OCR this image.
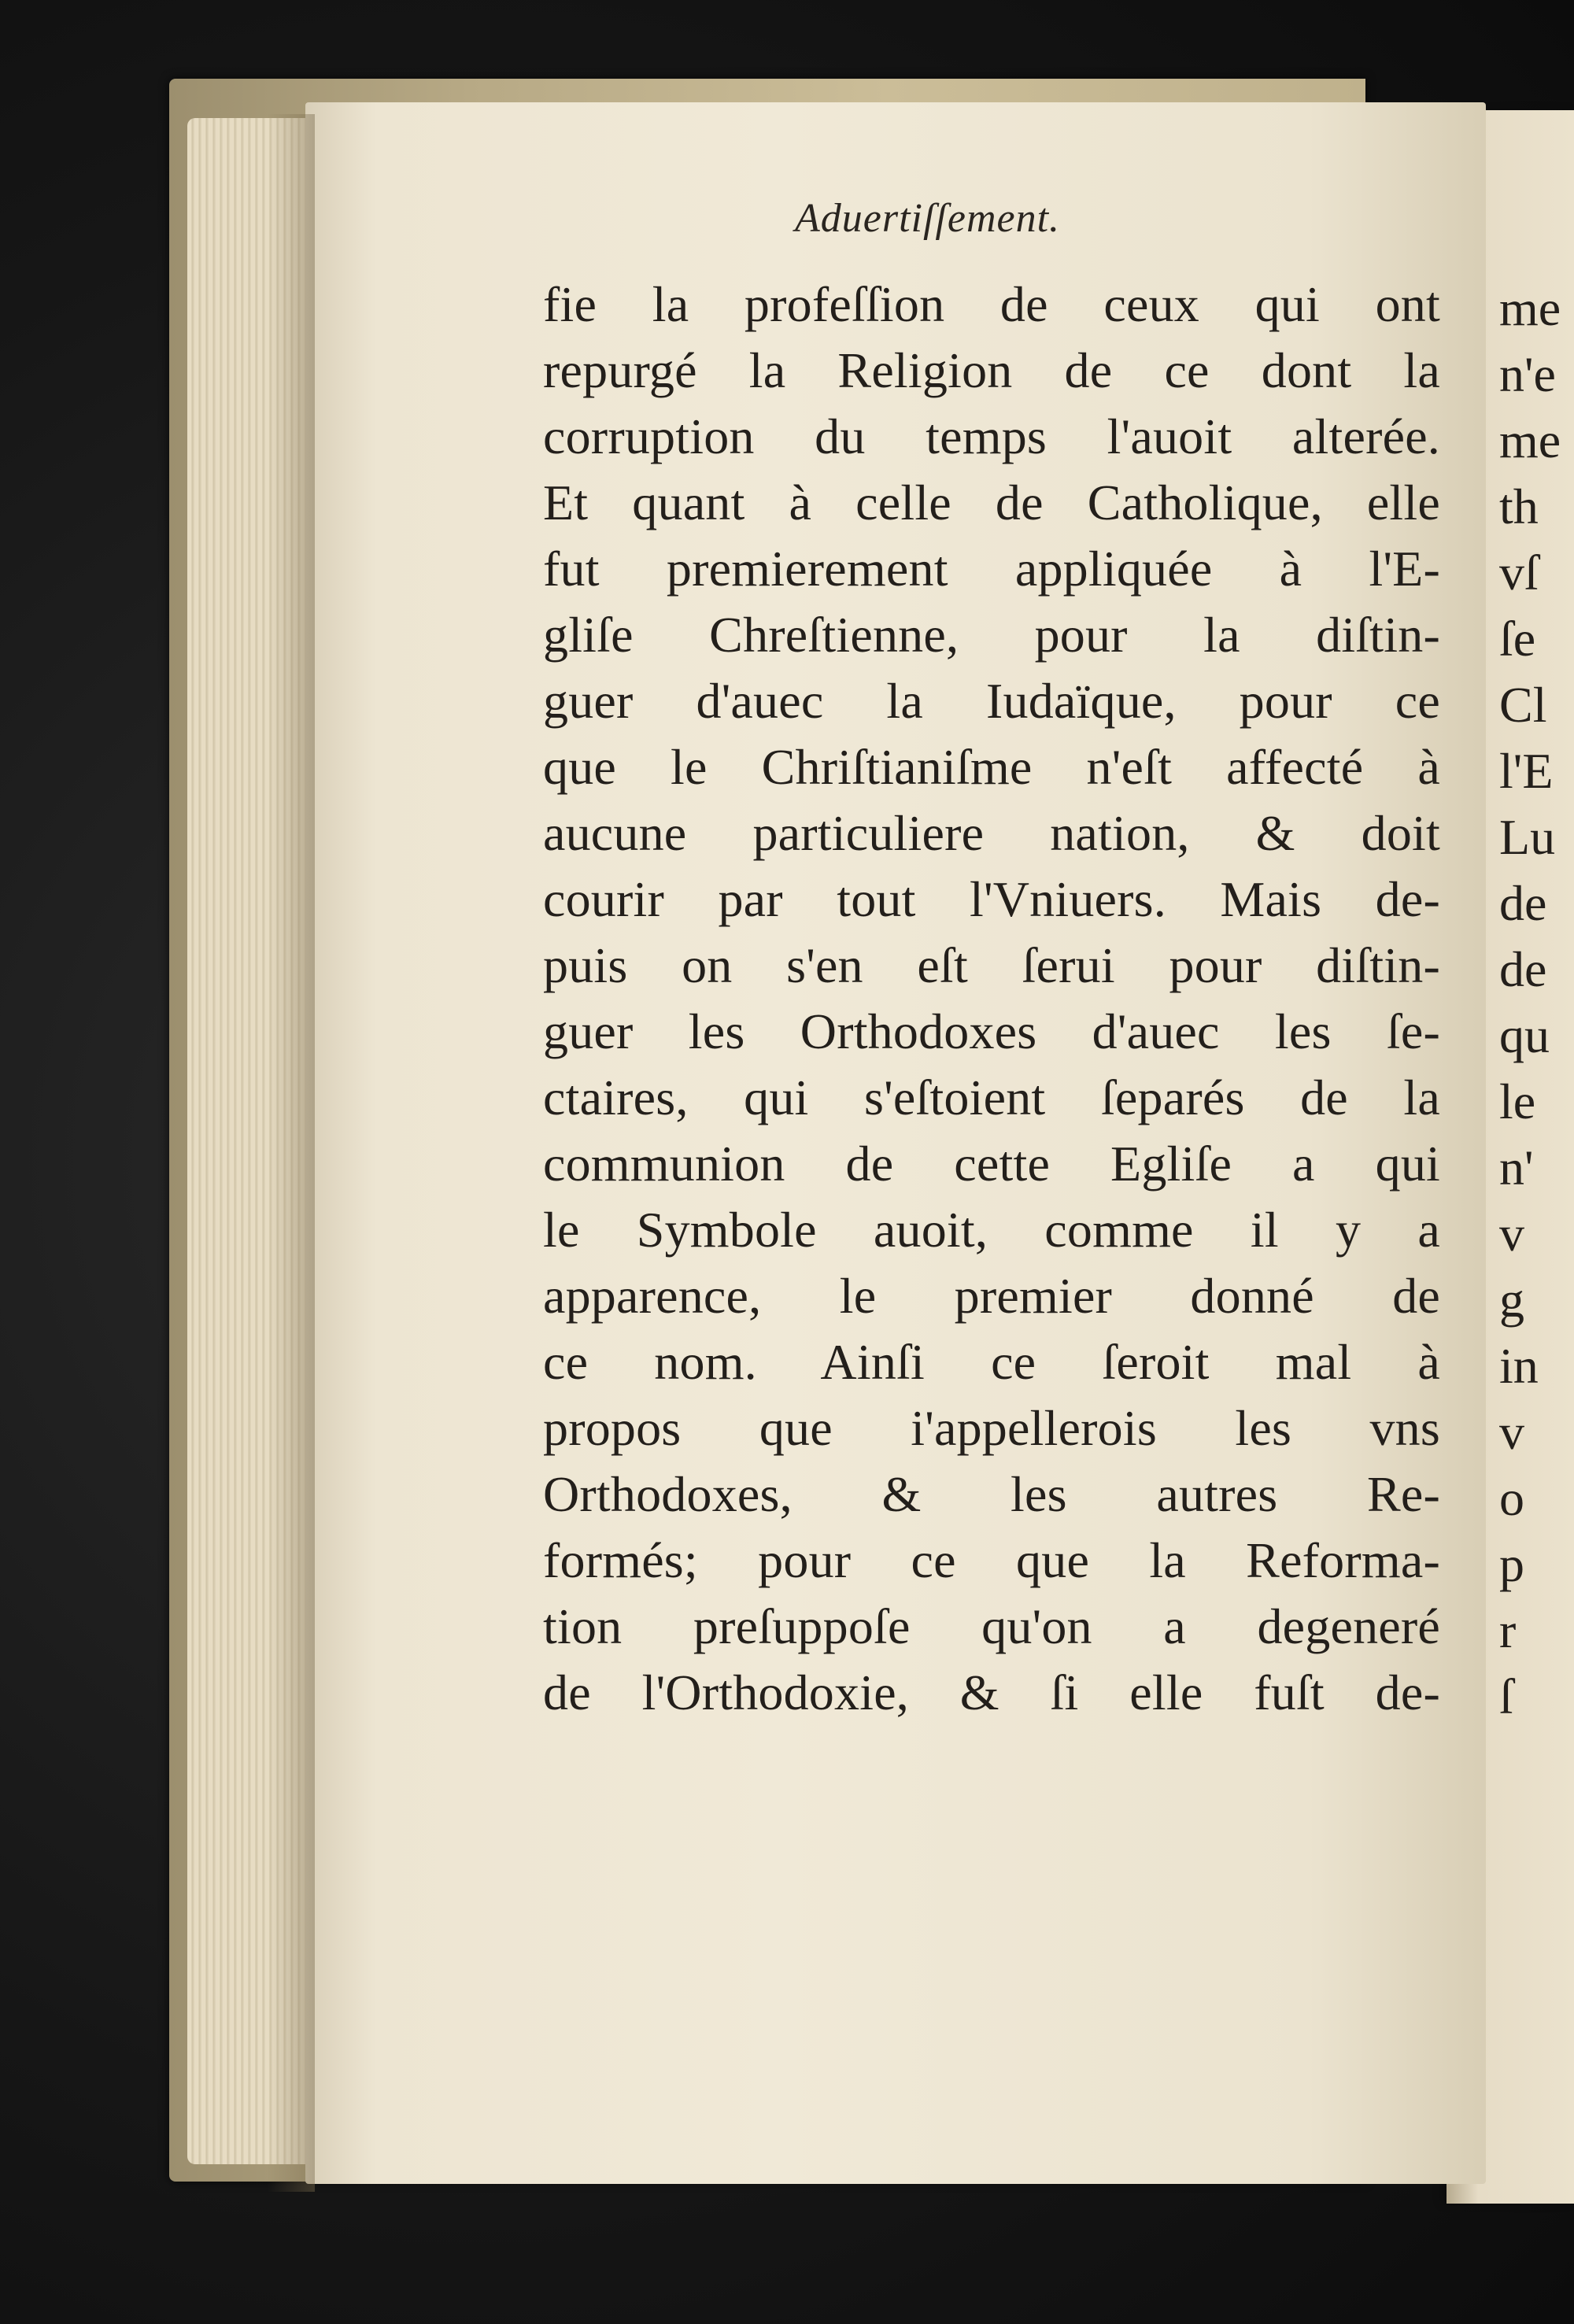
Aduertiſſement.
fie la profeſſion de ceux qui ont
repurgé la Religion de ce dont la
corruption du temps l'auoit alterée.
Et quant à celle de Catholique, elle
fut premierement appliquée à l'E-
gliſe Chreſtienne, pour la diſtin-
guer d'auec la Iudaïque, pour ce
que le Chriſtianiſme n'eſt affecté à
aucune particuliere nation, & doit
courir par tout l'Vniuers. Mais de-
puis on s'en eſt ſerui pour diſtin-
guer les Orthodoxes d'auec les ſe-
ctaires, qui s'eſtoient ſeparés de la
communion de cette Egliſe a qui
le Symbole auoit, comme il y a
apparence, le premier donné de
ce nom. Ainſi ce ſeroit mal à
propos que i'appellerois les vns
Orthodoxes, & les autres Re-
formés; pour ce que la Reforma-
tion preſuppoſe qu'on a degeneré
de l'Orthodoxie, & ſi elle fuſt de-
me
n'e
me
th
vſ
ſe
Cl
l'E
Lu
de
de
qu
le
n'
v
g
in
v
o
p
r
ſ
